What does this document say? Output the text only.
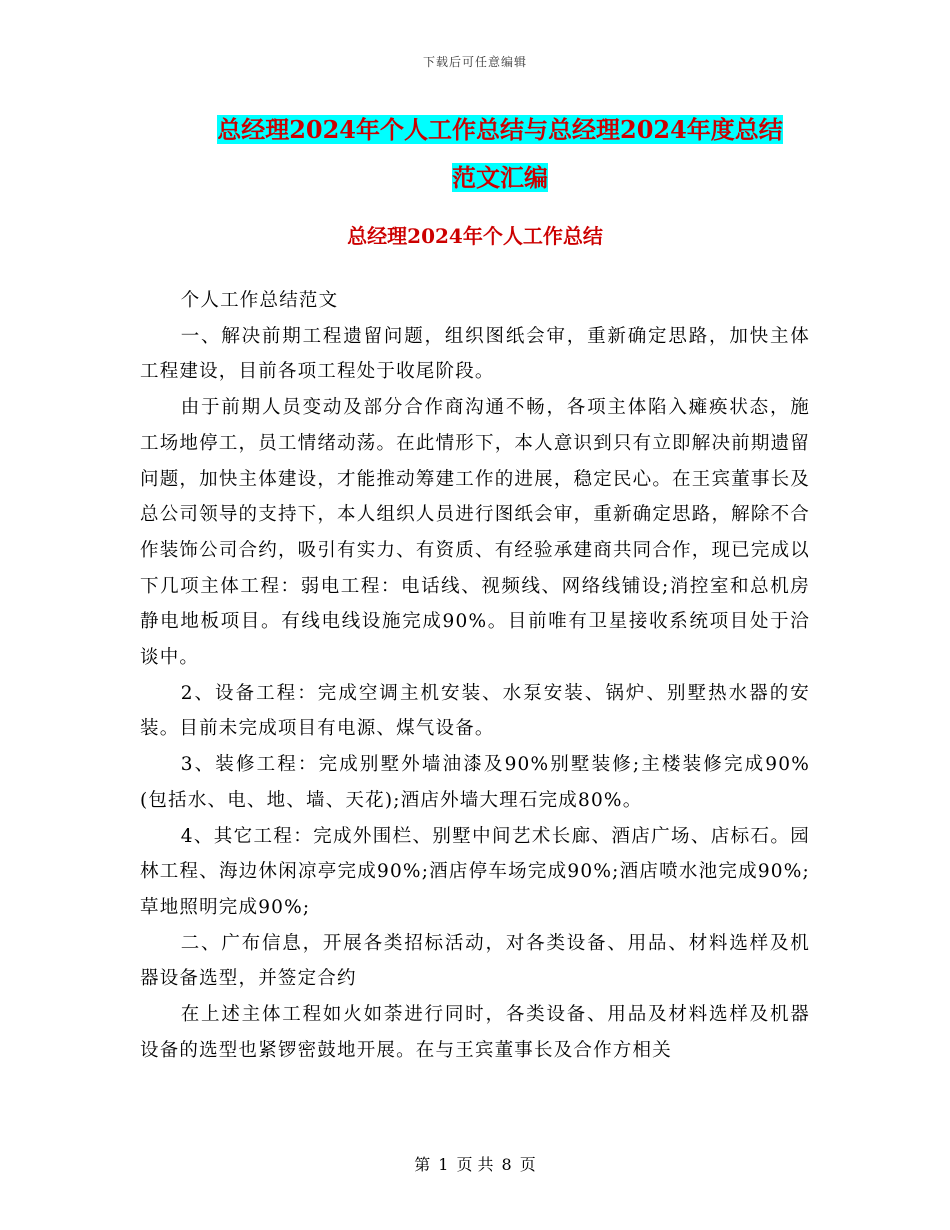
下载后可任意编辑
总经理2024年个人工作总结与总经理2024年度总结
范文汇编
总经理2024年个人工作总结

个人工作总结范文

一、解决前期工程遗留问题，组织图纸会审，重新确定思路，加快主体工程建设，目前各项工程处于收尾阶段。

由于前期人员变动及部分合作商沟通不畅，各项主体陷入瘫痪状态，施工场地停工，员工情绪动荡。在此情形下，本人意识到只有立即解决前期遗留问题，加快主体建设，才能推动筹建工作的进展，稳定民心。在王宾董事长及总公司领导的支持下，本人组织人员进行图纸会审，重新确定思路，解除不合作装饰公司合约，吸引有实力、有资质、有经验承建商共同合作，现已完成以下几项主体工程：弱电工程：电话线、视频线、网络线铺设;消控室和总机房静电地板项目。有线电线设施完成90%。目前唯有卫星接收系统项目处于洽谈中。

2、设备工程：完成空调主机安装、水泵安装、锅炉、别墅热水器的安装。目前未完成项目有电源、煤气设备。

3、装修工程：完成别墅外墙油漆及90%别墅装修;主楼装修完成90%(包括水、电、地、墙、天花);酒店外墙大理石完成80%。

4、其它工程：完成外围栏、别墅中间艺术长廊、酒店广场、店标石。园林工程、海边休闲凉亭完成90%;酒店停车场完成90%;酒店喷水池完成90%;草地照明完成90%;

二、广布信息，开展各类招标活动，对各类设备、用品、材料选样及机器设备选型，并签定合约

在上述主体工程如火如荼进行同时，各类设备、用品及材料选样及机器设备的选型也紧锣密鼓地开展。在与王宾董事长及合作方相关

第 1 页 共 8 页
